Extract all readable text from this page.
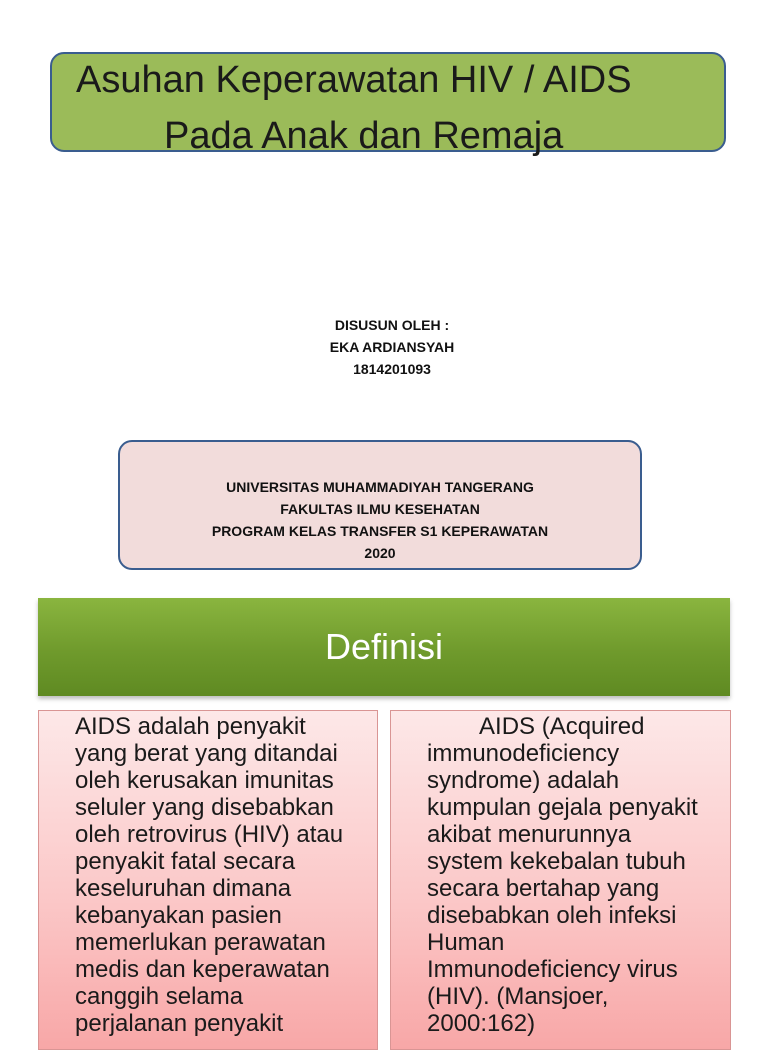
Asuhan Keperawatan HIV / AIDS
Pada Anak dan Remaja
DISUSUN OLEH :
EKA ARDIANSYAH
1814201093
UNIVERSITAS MUHAMMADIYAH TANGERANG
FAKULTAS ILMU KESEHATAN
PROGRAM KELAS TRANSFER S1 KEPERAWATAN
2020
Definisi
AIDS adalah penyakit
yang berat yang ditandai
oleh kerusakan imunitas
seluler yang disebabkan
oleh retrovirus (HIV) atau
penyakit fatal secara
keseluruhan dimana
kebanyakan pasien
memerlukan perawatan
medis dan keperawatan
canggih selama
perjalanan penyakit
AIDS (Acquired
immunodeficiency
syndrome) adalah
kumpulan gejala penyakit
akibat menurunnya
system kekebalan tubuh
secara bertahap yang
disebabkan oleh infeksi
Human
Immunodeficiency virus
(HIV). (Mansjoer,
2000:162)
